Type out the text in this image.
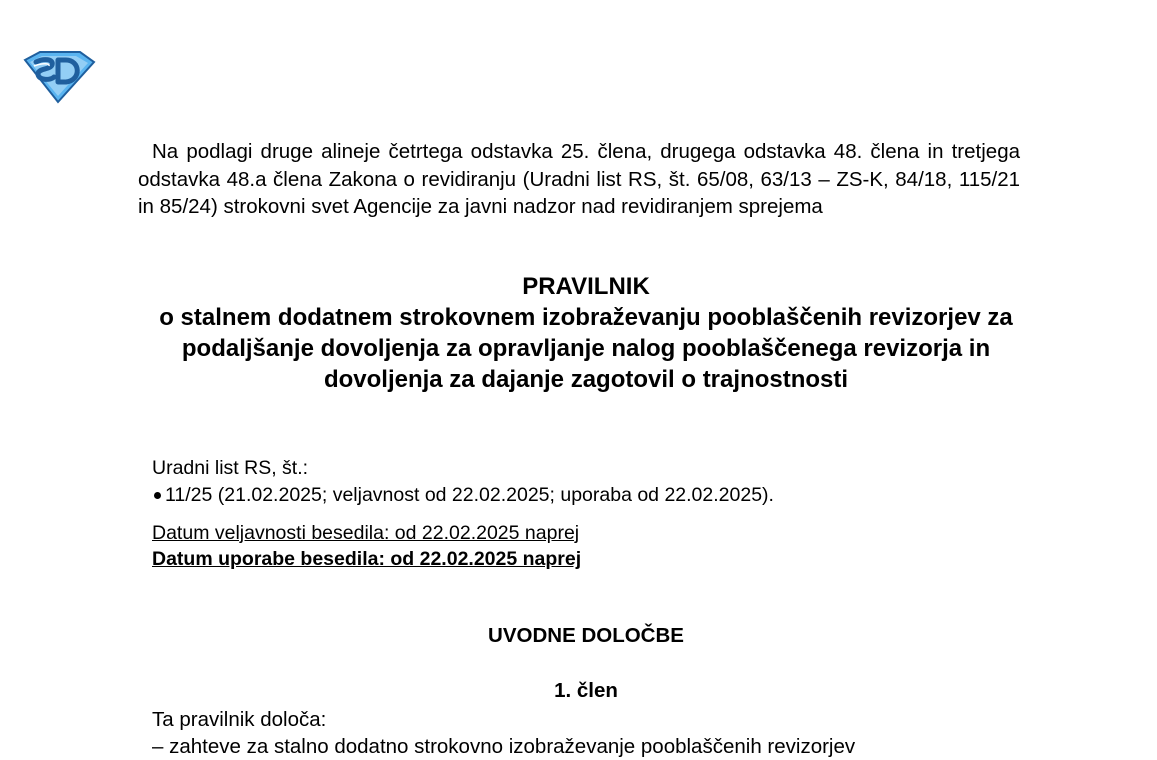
Na podlagi druge alineje četrtega odstavka 25. člena, drugega odstavka 48. člena in tretjega odstavka 48.a člena Zakona o revidiranju (Uradni list RS, št. 65/08, 63/13 – ZS-K, 84/18, 115/21 in 85/24) strokovni svet Agencije za javni nadzor nad revidiranjem sprejema

PRAVILNIK
o stalnem dodatnem strokovnem izobraževanju pooblaščenih revizorjev za podaljšanje dovoljenja za opravljanje nalog pooblaščenega revizorja in dovoljenja za dajanje zagotovil o trajnostnosti
Uradni list RS, št.:
11/25 (21.02.2025; veljavnost od 22.02.2025; uporaba od 22.02.2025).
Datum veljavnosti besedila: od 22.02.2025 naprej
Datum uporabe besedila: od 22.02.2025 naprej
UVODNE DOLOČBE
1. člen
Ta pravilnik določa:
– zahteve za stalno dodatno strokovno izobraževanje pooblaščenih revizorjev
